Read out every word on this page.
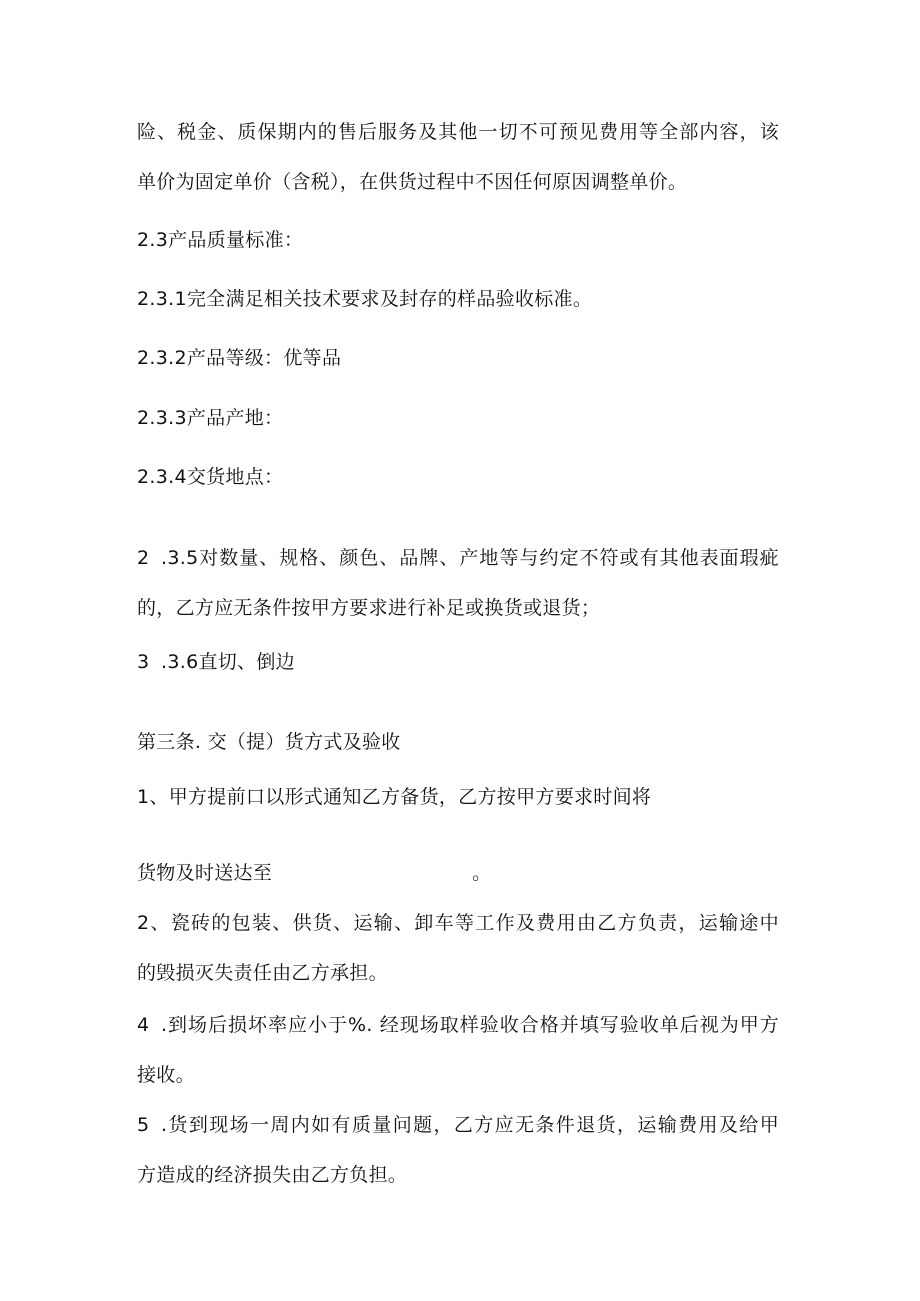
险、税金、质保期内的售后服务及其他一切不可预见费用等全部内容，该
单价为固定单价（含税），在供货过程中不因任何原因调整单价。
2.3产品质量标准：
2.3.1完全满足相关技术要求及封存的样品验收标准。
2.3.2产品等级：优等品
2.3.3产品产地：
2.3.4交货地点：
2 .3.5对数量、规格、颜色、品牌、产地等与约定不符或有其他表面瑕疵
的，乙方应无条件按甲方要求进行补足或换货或退货；
3 .3.6直切、倒边
第三条. 交（提）货方式及验收
1、甲方提前口以形式通知乙方备货，乙方按甲方要求时间将
货物及时送达至	。
2、瓷砖的包装、供货、运输、卸车等工作及费用由乙方负责，运输途中
的毁损灭失责任由乙方承担。
4 .到场后损坏率应小于%. 经现场取样验收合格并填写验收单后视为甲方
接收。
5 .货到现场一周内如有质量问题，乙方应无条件退货，运输费用及给甲
方造成的经济损失由乙方负担。
